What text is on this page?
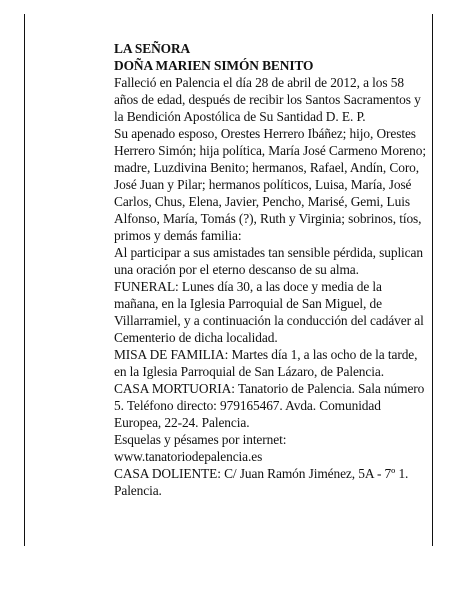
LA SEÑORA

DOÑA MARIEN SIMÓN BENITO

Falleció en Palencia el día 28 de abril de 2012, a los 58 años de edad, después de recibir los Santos Sacramentos y la Bendición Apostólica de Su Santidad D. E. P.

Su apenado esposo, Orestes Herrero Ibáñez; hijo, Orestes Herrero Simón; hija política, María José Carmeno Moreno; madre, Luzdivina Benito; hermanos, Rafael, Andín, Coro, José Juan y Pilar; hermanos políticos, Luisa, María, José Carlos, Chus, Elena, Javier, Pencho, Marisé, Gemi, Luis Alfonso, María, Tomás (?), Ruth y Virginia; sobrinos, tíos, primos y demás familia:

Al participar a sus amistades tan sensible pérdida, suplican una oración por el eterno descanso de su alma.

FUNERAL: Lunes día 30, a las doce y media de la mañana, en la Iglesia Parroquial de San Miguel, de Villarramiel, y a continuación la conducción del cadáver al Cementerio de dicha localidad.

MISA DE FAMILIA: Martes día 1, a las ocho de la tarde, en la Iglesia Parroquial de San Lázaro, de Palencia.

CASA MORTUORIA: Tanatorio de Palencia. Sala número 5. Teléfono directo: 979165467. Avda. Comunidad Europea, 22-24. Palencia.

Esquelas y pésames por internet: www.tanatoriodepalencia.es

CASA DOLIENTE: C/ Juan Ramón Jiménez, 5A - 7º 1. Palencia.
